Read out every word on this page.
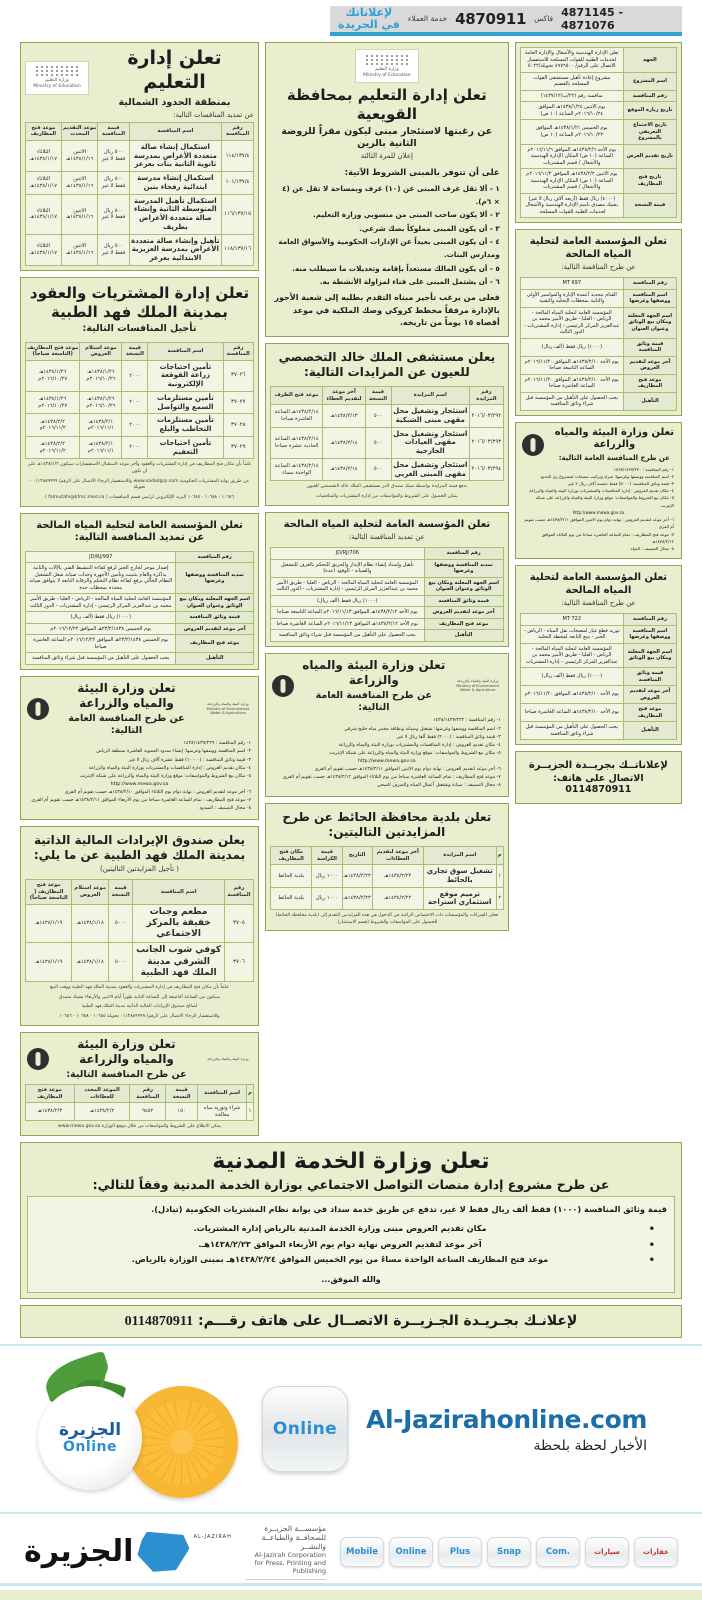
لإعلاناتك
في الجريدة خدمة العملاء 4870911 فاكس 4871145 - 4871076
وزارة التعليم
Ministry of Education
تعلن إدارة التعليم
بمنطقة الحدود الشمالية
عن تمديد المنافسات التالية:
رقم المنافسة	اسم المنافسة	قيمة المنافسة	موعد التقديم المحدث	موعد فتح المظاريف
١١٤/١٣٧/٤	استكمال إنشاء صالة متعددة الأغراض بمدرسة ثانوية الثانية بنات بعرعر	٥٠٠ ريال فقط لا غير	الاثنين ١٤٣٨/١/١٦هـ	الثلاثاء ١٤٣٨/١/١٧هـ
١٠١/١٣٧/٤	استكمال إنشاء مدرسة ابتدائية رفحاء بنين	٥٠٠ ريال فقط لا غير	الاثنين ١٤٣٨/١/١٦هـ	الثلاثاء ١٤٣٨/١/١٧هـ
١١٦/١٣٧/١٥	استكمال تأهيل المدرسة المتوسطة الثانية وإنشاء صالة متعددة الأغراض بطريف	٥٠٠ ريال فقط لا غير	الاثنين ١٤٣٨/١/١٦هـ	الثلاثاء ١٤٣٨/١/١٧هـ
١١٨/١٣٧/١٦	تأهيل وإنشاء صالة متعددة الأغراض بمدرسة العزيزية الابتدائية بعرعر	٥٠٠ ريال فقط لا غير	الاثنين ١٤٣٨/١/١٦هـ	الثلاثاء ١٤٣٨/١/١٧هـ
تعلن إدارة المشتريات والعقود بمدينة الملك فهد الطبية
تأجيل المنافسات التالية:
رقم المنافسة	اسم المنافسة	قيمة النسخة	موعد استلام العروض	موعد فتح المظاريف (التاسعة صباحاً)
٣٧٠٢٦	تأمين احتياجات زراعة القوقعة الإلكترونية	٢٠٠٠	١٤٣٨/١/٢٦هـ ٢٠١٦/١٠/٢٦م	١٤٣٨/١/٢٦هـ ٢٠١٦/١٠/٢٧م
٣٧٠٢٧	تأمين مستلزمات السمع والتواصل	٢٠٠٠	١٤٣٨/١/٢٦هـ ٢٠١٦/١٠/٢٦م	١٤٣٨/١/٢٦هـ ٢٠١٦/١٠/٢٧م
٣٧٠٢٨	تأمين مستلزمات التخاطب والبلع	٢٠٠٠	١٤٣٨/٢/١هـ ٢٠١٦/١١/١م	١٤٣٨/٢/٢هـ ٢٠١٦/١١/٢م
٣٧٠٢٩	تأمين احتياجات التعقيم	٢٠٠٠	١٤٣٨/٢/١هـ ٢٠١٦/١١/١م	١٤٣٨/٢/٢هـ ٢٠١٦/١١/٢م
علماً بأن مكان فتح المظاريف في إدارة المشتريات والعقود وآخر موعد لاستقبال الاستفسارات سيكون ١٤٣٨/١/٢هـ على أن تكون
عن طريق بوابة المشتريات الحكومية www.sadadgrp.com وللاستفسار الرجاء الاتصال على الرقم/ ٠١١٢٨٨٩٩٩٩ - تحويلة
١٠٦٨٦ - ١٠٦٨٨ - ١٠٦٨٥ البريد الإلكتروني لرئيس قسم المنافسات ( falmutahi@kfmc.med.sa )
تعلن المؤسسة العامة لتحلية المياه المالحة عن تمديد المنافسة التالية:
رقم المنافسة	JD/RJ/997
تمديد المنافسة ووصفها وغرضها	إصدار موجز لخارج الجبر لرفع كفاءة التنشيط الفني بالآلات والثانية بذاكرة والعام بتثبيت وتأمين الأجهزة وحدات صيانة شغل التشغيل النظام الحالي برفع كفاءة نظام التحكم والرقابة التابعة لا يتوافق صيانة محددة بمحطات جدة
اسم الجهة المعلنة ومكان بيع الوثائق وعنوان العنوان	المؤسسة العامة لتحلية المياه المالحة - الرياض - العليا - طريق الأمير محمد بن عبدالعزيز المركز الرئيسي - إدارة المشتريات - الدور الثالث
قيمة وثائق المنافسة	(١٠٠٠) ريال فقط (ألف ريال)
آخر موعد لتقديم العروض	يوم الخميس ٢٣/٢/١٤٣٨هـ الموافق ٢٠١٦/١٢/٢٢م
موعد فتح المظاريف	يوم الخميس ٢٣/٢/١٤٣٨هـ الموافق ٢٠١٦/١٢/٢٢م الساعة العاشرة صباحا
التأهيل	يجب الحصول على التأهيل من المؤسسة قبل شراء وثائق المنافسة
تعلن وزارة البيئة والمياه والزراعة
عن طرح المنافسة العامة التالية:
وزارة البيئة والمياه والزراعة
Ministry of Environment Water & Agriculture
١- رقم المنافسة : ١٤٣٨/١٤٣٧/٢٢٩
٢- اسم المنافسة ووصفها وغرضها: إنشاء سدود الحموية العاشرة بمنطقة الرياض
٣- قيمة وثائق المنافسة : (١٠٠٠٠) فقط عشرة آلاف ريال لا غير
٤- مكان تقديم العروض : إدارة المنافسات والمشتريات بوزارة البيئة والمياه والزراعة
٥- مكان بيع الشروط والمواصفات: موقع وزارة البيئة والمياه والزراعة على شبكة الإنترنت
http://www.mewa.gov.sa
٦- آخر موعد لتقديم العروض : نهاية دوام يوم الثلاثاء الموافق ١٤٣٨/٢/١٠هـ حسب تقويم أم القرى
٧- موعد فتح المظاريف : تمام الساعة العاشرة صباحا من يوم الأربعاء الموافق ١٤٣٨/٢/١١هـ حسب تقويم أم القرى
٨- مجال التصنيف : السدود
يعلن صندوق الإيرادات المالية الذاتية بمدينة الملك فهد الطبية عن ما يلي:
( تأجيل المزايدتين التاليتين)
رقم المنافسة	اسم المنافسة	قيمة النسخة	موعد استلام العروض	موعد فتح المظاريف ( التاسعة صباحاً)
٣٧٠٥	مطعم وجبات خفيفة بالمركز الاجتماعي	٥٠٠٠	١٤٣٨/١/١٨هـ	١٤٣٨/١/١٩هـ
٣٧٠٦	كوفي شوب الجانب الشرقي مدينة الملك فهد الطبية	٥٠٠٠	١٤٣٨/١/١٨هـ	١٤٣٨/١/١٩هـ
علماً بأن مكان فتح المظاريف في إدارة المشتريات والعقود بمدينة الملك فهد الطبية ووقت البيع
سيكون من الساعة التاسعة إلى الساعة الثانية ظهراً أيام الاثنين والأربعاء بشيك مصدق
لصالح صندوق الإيرادات المالية الذاتية مدينة الملك فهد الطبية
وللاستفسار الرجاء الاتصال على الرقم/ ٠١١٢٨٨٩٩٩٩ تحويلة ١٠٦٨٥ - ١٠٦٨٨ - ١٠٦٨٦
تعلن وزارة البيئة والمياه والزراعة
عن طرح المنافسة التالية:
وزارة البيئة والمياه والزراعة
م	اسم المنافسة	قيمة النسخة	رقم المنافسة	الموعد المحدد للعطاءات	موعد فتح المظاريف
١	شراء وتوريد مياه معالجة	١٥٠	٩٤٥٢	١٤٣٨/٢/٢هـ	١٤٣٨/٢/٣هـ
يمكن الاطلاع على الشروط والمواصفات من خلال موقع الوزارة www.mewa.gov.sa
وزارة التعليم
Ministry of Education
تعلن إدارة التعليم بمحافظة القويعية
عن رغبتها لاستئجار مبنى ليكون مقراً للروضة الثانية بالرين
إعلان للمرة الثالثة
على أن تتوفر بالمبنى الشروط الآتية:
١ - ألا تقل غرف المبنى عن (١٠) غرف وبمساحة لا تقل عن (٤ × ٦م).
٢ - ألا يكون صاحب المبنى من منسوبي وزارة التعليم.
٣ - أن يكون المبنى مملوكاً بصك شرعي.
٤ - أن يكون المبنى بعيداً عن الإدارات الحكومية والأسواق العامة ومدارس البنات.
٥ - أن يكون المالك مستعداً بإقامة وتعديلات ما سيطلب منه.
٦ - أن يشتمل المبنى على فناء لمزاولة الأنشطة به.
فعلى من يرغب تأجير مبناه التقدم بطلبه إلى شعبة الأجور بالإدارة مرفقاً مخطط كروكي وصك الملكية في موعد أقصاه ١٥ يوماً من تاريخه.
يعلن مستشفى الملك خالد التخصصي للعيون عن المزايدات التالية:
رقم المزايدة	اسم المزايدة	قيمة النسخة	آخر موعد لتقديم العطاء	موعد فتح الظرف
٢٠١٦/٠٣/٢٩٢	استئجار وتشغيل محل مقهى مبنى الشبكية	٥٠٠	١٤٣٨/٢/١٣هـ	١٤٣٨/٢/١٤هـ الساعة العاشرة صباحا
٢٠١٦/٠٣/٢٩٣	استئجار وتشغيل محل مقهى العيادات الخارجية	٥٠٠	١٤٣٨/٢/١٤هـ	١٤٣٨/٢/١٤هـ الساعة الحادية عشرة صباحا
٢٠١٦/٠٣/٢٩٤	استئجار وتشغيل محل مقهى المبنى الغربي	٥٠٠	١٤٣٨/٢/١٤هـ	١٤٣٨/٢/١٤هـ الساعة الواحدة مساء
تدفع قيمة المزايدة بواسطة شيك مصدق لأمر مستشفى الملك خالد التخصصي للعيون
يمكن الحصول على الشروط والمواصفات من إدارة المشتريات والمناقصات
تعلن المؤسسة العامة لتحلية المياه المالحة
عن تمديد المنافسة التالية:
رقم المنافسة	JD/RJ/706
تمديد المنافسة ووصفها وغرضها	تأهيل وإسناد إنشاء نظام الإنذار والحريق للتحكم بالغرف للتشغيل والصيانة - الوقود (عدة)
اسم الجهة المعلنة ومكان بيع الوثائق وعنوان العنوان	المؤسسة العامة لتحلية المياه المالحة - الرياض - العليا - طريق الأمير محمد بن عبدالعزيز المركز الرئيسي - إدارة المشتريات - الدور الثالث
قيمة وثائق المنافسة	(١٠٠٠) ريال فقط (ألف ريال)
آخر موعد لتقديم العروض	يوم الأحد ١٤٣٨/٢/١٢هـ الموافق ٢٠١٦/١١/١٣م الساعة التاسعة صباحا
موعد فتح المظاريف	يوم الأحد ١٤٣٨/٢/١٢هـ الموافق ٢٠١٦/١١/١٣م الساعة العاشرة صباحا
التأهيل	يجب الحصول على التأهيل من المؤسسة قبل شراء وثائق المنافسة
تعلن وزارة البيئة والمياه والزراعة
عن طرح المنافسة العامة التالية:
وزارة البيئة والمياه والزراعة
Ministry of Environment Water & Agriculture
١- رقم المنافسة : ١٤٣٨/١٤٣٧/٢٢٢
٢- اسم المنافسة ووصفها وغرضها: تشغيل وصيانة ونظافة مختبر مياه خليج شرقي
٣- قيمة وثائق المنافسة : (٢٠٠٠) فقط ألفا ريال لا غير
٤- مكان تقديم العروض : إدارة المنافسات والمشتريات بوزارة البيئة والمياه والزراعة
٥- مكان بيع الشروط والمواصفات: موقع وزارة البيئة والمياه والزراعة على شبكة الإنترنت
http://www.mewa.gov.sa
٦- آخر موعد لتقديم العروض : نهاية دوام يوم الاثنين الموافق ١٤٣٨/٢/١١هـ حسب تقويم أم القرى
٧- موعد فتح المظاريف : تمام الساعة العاشرة صباحا من يوم الثلاثاء الموافق ١٤٣٨/٢/١٢هـ حسب تقويم أم القرى
٨- مجال التصنيف : صيانة وتشغيل أعمال المياه والصرف الصحي
تعلن بلدية محافظة الحائط عن طرح المزايدتين التاليتين:
م	اسم المزايدة	آخر موعد لتقديم العطاءات	التاريخ	قيمة الكراسة	مكان فتح المظاريف
١	تشغيل سوق تجاري بالحائط	١٤٣٨/٢/٢٢هـ	١٤٣٨/٢/٢٣هـ	١٠٠٠ ريال	بلدية الحائط
٢	ترميم موقع استثماري استراحة	١٤٣٨/٢/٢٢هـ	١٤٣٨/٢/٢٣هـ	١٠٠٠ ريال	بلدية الحائط
فعلى الشركات والمؤسسات ذات الاختصاص الراغبة في الدخول في هذه المزايدتين التقدم إلى (بلدية محافظة الحائط) للحصول على المواصفات والشروط (قسم الاستثمار).
الجهة	تعلن الإدارة الهندسية والأشغال والإدارة العامة لخدمات الطبية للقوات المسلحة للاستفسار الاتصال على الرقم/ ٤٩٧٦٥٠٠ تحويلة/٥٠٢٢
اسم المشروع	مشروع إعادة تأهيل مستشفى القوات المسلحة بالقصيم
رقم المنافسة	منافسة رقم (٢٢/ب/١٤٣٧/١٢)
تاريخ زيارة الموقع	يوم الاثنين ١٤٣٨/١/٢٤هـ الموافق ٢٠١٦/١٠/٢٤م الساعة (١٠ ص)
تاريخ الاجتماع التعريفي بالمشروع	يوم الخميس ١٤٣٨/١/٢١هـ الموافق ٢٠١٦/١٠/٢٢م الساعة (١٠ ص)
تاريخ تقديم العرض	يوم الأحد ١٤٣٨/٢/٦هـ الموافق ٢٠١٦/١١/٦م الساعة (١٠ ص) المكان الإدارة الهندسية والأشغال / قسم المشتريات
تاريخ فتح المظاريف	يوم الاثنين ١٤٣٨/٢/٢هـ الموافق ٢٠١٦/١١/٢م الساعة (١٠ ص) المكان الإدارة الهندسية والأشغال / قسم المشتريات
قيمة النسخة	(٤٠٠٠) ريال فقط (أربعة آلاف ريال لا غير) بشيك مصدق باسم الإدارة الهندسية والأشغال لخدمات الطبية للقوات المسلحة.
تعلن المؤسسة العامة لتحلية المياه المالحة
عن طرح المنافسة التالية:
رقم المنافسة	MT 697
اسم المنافسة ووصفها وغرضها	القيام بتجديد أعمدة الإنارة والمواسير الأولى والثانية بمحطات التحلية والتقنية
اسم الجهة المعلنة ومكان بيع الوثائق وعنوان العنوان	المؤسسة العامة لتحلية المياه المالحة - الرياض - العليا - طريق الأمير محمد بن عبدالعزيز المركز الرئيسي - إدارة المشتريات - الدور الثالث
قيمة وثائق المنافسة	(١٠٠٠) ريال فقط (ألف ريال)
آخر موعد لتقديم العروض	يوم الأحد ١٤٣٨/٢/١٠هـ الموافق ٢٠١٦/١١/٢٠م الساعة التاسعة صباحا
موعد فتح المظاريف	يوم الأحد ١٤٣٨/٢/١٠هـ الموافق ٢٠١٦/١١/٢٠م الساعة العاشرة صباحا
التأهيل	يجب الحصول على التأهيل من المؤسسة قبل شراء وثائق المنافسة
تعلن وزارة البيئة والمياه والزراعة
عن طرح المنافسة العامة التالية:
١- رقم المنافسة : ١٤٣٨/١٤٣٧/٢٣٠
٢- اسم المنافسة ووصفها وغرضها: شراء وتركيب مضخات لمشروع ري الحدود
٣- قيمة وثائق المنافسة: (٥٠٠٠) فقط خمسة آلاف ريال لا غير
٤- مكان تقديم العروض : إدارة المنافسات والمشتريات بوزارة البيئة والمياه والزراعة
٥- مكان بيع الشروط والمواصفات: موقع وزارة البيئة والمياه والزراعة على شبكة الإنترنت
http://www.mewa.gov.sa
٦- آخر موعد لتقديم العروض : نهاية دوام يوم الاثنين الموافق ١٤٣٨/٢/١١هـ حسب تقويم أم القرى
٧- موعد فتح المظاريف : تمام الساعة العاشرة صباحا من يوم الثلاثاء الموافق ١٤٣٨/٢/١٢هـ
٨- مجال التصنيف : المياه
تعلن المؤسسة العامة لتحلية المياه المالحة
عن طرح المنافسة التالية:
رقم المنافسة	MT 722
اسم المنافسة ووصفها وغرضها	توريد قطع غيار لمضخات نقل المياه - الرياض - الخبر - ينبع التابعة لمحطة التحلية
اسم الجهة المعلنة ومكان بيع الوثائق	المؤسسة العامة لتحلية المياه المالحة - الرياض - العليا - طريق الأمير محمد بن عبدالعزيز المركز الرئيسي - إدارة المشتريات
قيمة وثائق المنافسة	(١٠٠٠) ريال فقط (ألف ريال)
آخر موعد لتقديم العروض	يوم الأحد ١٤٣٨/٢/١٠هـ الموافق ٢٠١٦/١١/٢٠م
موعد فتح المظاريف	يوم الأحد ١٤٣٨/٢/١٠هـ الساعة العاشرة صباحا
التأهيل	يجب الحصول على التأهيل من المؤسسة قبل شراء وثائق المنافسة
لإعلاناتــك بجريــدة الجزيــرة
الاتصال على هاتف: 0114870911
تعلن وزارة الخدمة المدنية
عن طرح مشروع إدارة منصات التواصل الاجتماعي بوزارة الخدمة المدنية وفقاً للتالي:
قيمة وثائق المنافسة (١٠٠٠) فقط ألف ريال فقط لا غير، تدفع عن طريق خدمة سداد في بوابة نظام المشتريات الحكومية (تبادل).
• مكان تقديم العروض مبنى وزارة الخدمة المدنية بالرياض إدارة المشتريات.
• آخر موعد لتقديم العروض نهاية دوام يوم الأربعاء الموافق ١٤٣٨/٢/٢٣هـ.
• موعد فتح المظاريف الساعة الواحدة مساءً من يوم الخميس الموافق ١٤٣٨/٢/٢٤هـ بمبنى الوزارة بالرياض.
والله الموفق...
لإعلانـك بجـريـدة الجـزيــرة الاتصــال على هاتف رقـــم: 0114870911
الجزيرة
Online
Online Al-Jazirahonline.com
الأخبار لحظة بلحظة
الجزيرة	AL-JAZIRAH
مؤسســـة الجزيــرة للصحافــة والطباعــة والنشــر
Al-Jazirah Corporation for Press, Printing and Publishing
Mobile	Online	Plus	Snap	.Com	سيارات	عقارات
